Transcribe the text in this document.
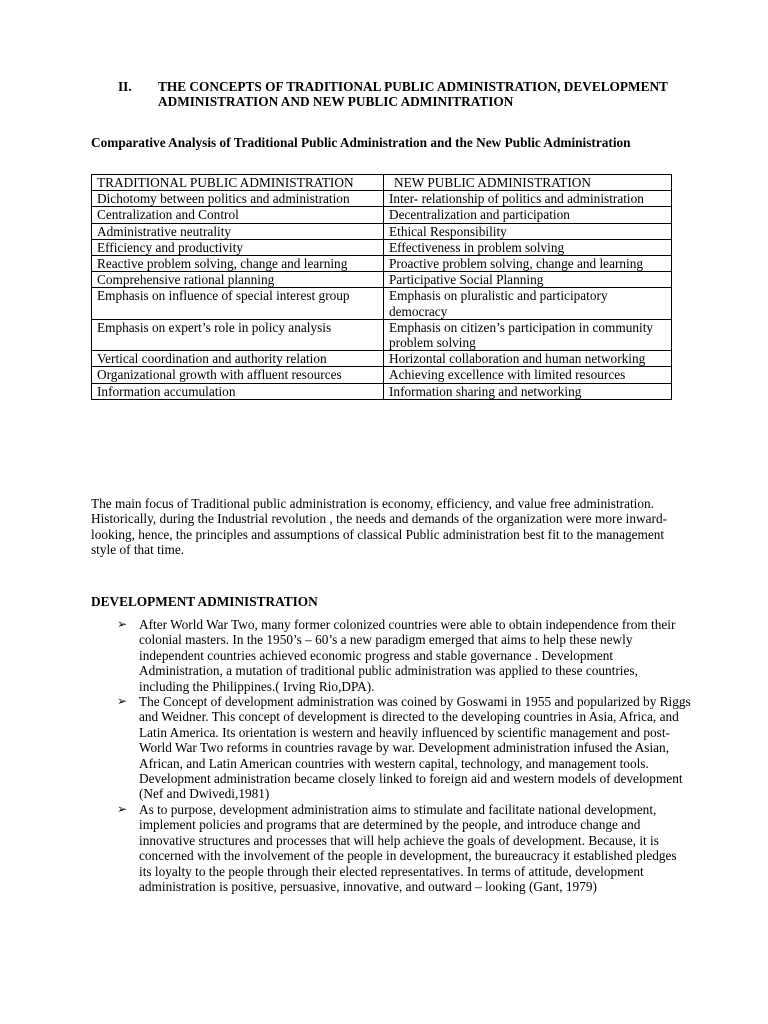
II. THE CONCEPTS OF TRADITIONAL PUBLIC ADMINISTRATION, DEVELOPMENT ADMINISTRATION AND NEW PUBLIC ADMINITRATION
Comparative Analysis of Traditional Public Administration and the New Public Administration
TRADITIONAL PUBLIC ADMINISTRATION	NEW PUBLIC ADMINISTRATION
Dichotomy between politics and administration	Inter- relationship of politics and administration
Centralization and Control	Decentralization and participation
Administrative neutrality	Ethical Responsibility
Efficiency and productivity	Effectiveness in problem solving
Reactive problem solving, change and learning	Proactive problem solving, change and learning
Comprehensive rational planning	Participative Social Planning
Emphasis on influence of special interest group	Emphasis on pluralistic and participatory democracy
Emphasis on expert’s role in policy analysis	Emphasis on citizen’s participation in community problem solving
Vertical coordination and authority relation	Horizontal collaboration and human networking
Organizational growth with affluent resources	Achieving excellence with limited resources
Information accumulation	Information sharing and networking
The main focus of Traditional public administration is economy, efficiency, and value free administration. Historically, during the Industrial revolution , the needs and demands of the organization were more inward-looking, hence, the principles and assumptions of classical Public administration best fit to the management style of that time.
DEVELOPMENT ADMINISTRATION
➢ After World War Two, many former colonized countries were able to obtain independence from their colonial masters. In the 1950’s – 60’s a new paradigm emerged that aims to help these newly independent countries achieved economic progress and stable governance . Development Administration, a mutation of traditional public administration was applied to these countries, including the Philippines.( Irving Rio,DPA).
➢ The Concept of development administration was coined by Goswami in 1955 and popularized by Riggs and Weidner. This concept of development is directed to the developing countries in Asia, Africa, and Latin America. Its orientation is western and heavily influenced by scientific management and post- World War Two reforms in countries ravage by war. Development administration infused the Asian, African, and Latin American countries with western capital, technology, and management tools. Development administration became closely linked to foreign aid and western models of development (Nef and Dwivedi,1981)
➢ As to purpose, development administration aims to stimulate and facilitate national development, implement policies and programs that are determined by the people, and introduce change and innovative structures and processes that will help achieve the goals of development. Because, it is concerned with the involvement of the people in development, the bureaucracy it established pledges its loyalty to the people through their elected representatives. In terms of attitude, development administration is positive, persuasive, innovative, and outward – looking (Gant, 1979)
